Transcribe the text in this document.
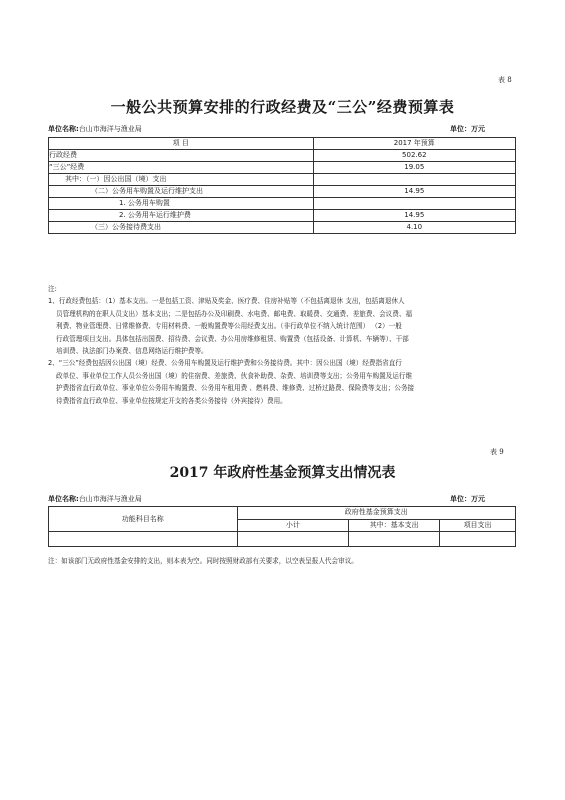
表 8
一般公共预算安排的行政经费及“三公”经费预算表
单位名称:台山市海洋与渔业局	单位：万元
项 目	2017 年预算
行政经费	502.62
“三公”经费	19.05
其中：（一）因公出国（境）支出	
（二）公务用车购置及运行维护支出	14.95
1. 公务用车购置	
2. 公务用车运行维护费	14.95
（三）公务接待费支出	4.10
注:
1、行政经费包括：（1）基本支出。一是包括工资、津贴及奖金、医疗费、住房补贴等（不包括离退休 支出，包括离退休人
员管理机构的在职人员支出）基本支出；二是包括办公及印刷费、水电费、邮电费、取暖费、交通费、差旅费、会议费、福
利费、物业管理费、日常维修费、专用材料费、一般购置费等公用经费支出。（非行政单位不纳入统计范围） （2）一般
行政管理项目支出。具体包括出国费、招待费、会议费、办公用房维修租赁、购置费（包括设备、计算机、车辆等）、干部
培训费、执法部门办案费、信息网络运行维护费等。
2、“三公”经费包括因公出国（境）经费、公务用车购置及运行维护费和公务接待费。其中：因公出国（境）经费指省直行
政单位、事业单位工作人员公务出国（境）的住宿费、差旅费、伙食补助费、杂费、培训费等支出；公务用车购置及运行维
护费指省直行政单位、事业单位公务用车购置费、公务用车租用费 、燃料费、维修费、过桥过路费、保险费等支出；公务接
待费指省直行政单位、事业单位按规定开支的各类公务接待（外宾接待）费用。
表 9
2017 年政府性基金预算支出情况表
单位名称:台山市海洋与渔业局	单位：万元
功能科目名称	政府性基金预算支出		
	小计	其中：基本支出	项目支出

注：如该部门无政府性基金安排的支出，则本表为空。同时按照财政部有关要求，以空表呈报人代会审议。
